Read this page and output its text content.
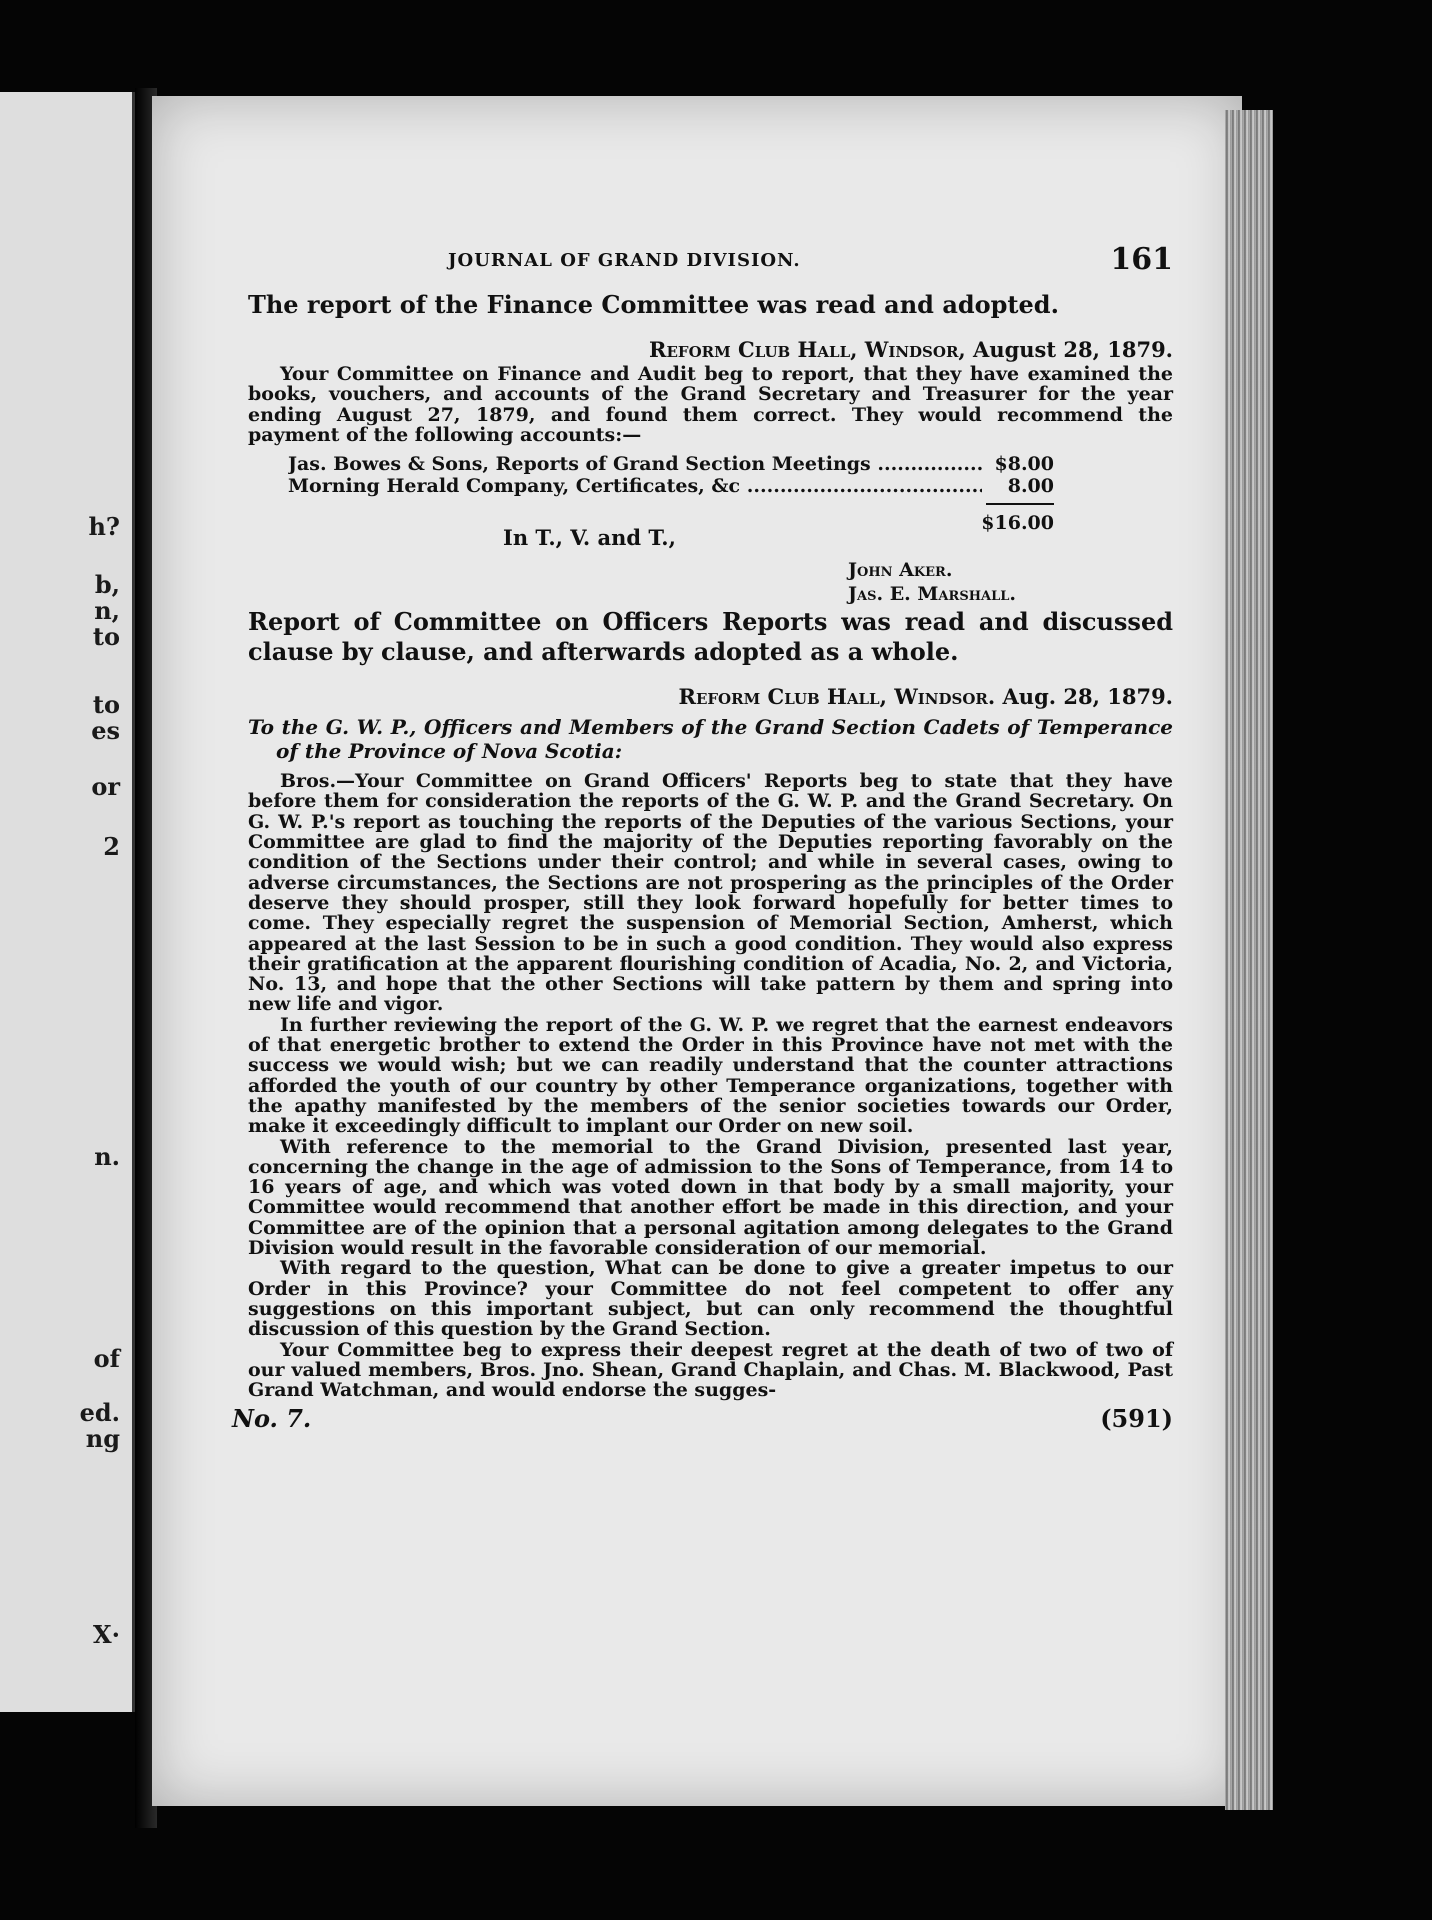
h?
b,
n,
to
to
es
or
2
n.
of
ed.
ng
X·
JOURNAL OF GRAND DIVISION.	161

The report of the Finance Committee was read and adopted.

Reform Club Hall, Windsor, August 28, 1879.

Your Committee on Finance and Audit beg to report, that they have examined the books, vouchers, and accounts of the Grand Secretary and Treasurer for the year ending August 27, 1879, and found them correct. They would recommend the payment of the following accounts:—

Jas. Bowes & Sons, Reports of Grand Section Meetings .....	$8.00
Morning Herald Company, Certificates, &c .....	8.00
$16.00
In T., V. and T.,
John Aker.
Jas. E. Marshall.

Report of Committee on Officers Reports was read and discussed clause by clause, and afterwards adopted as a whole.

Reform Club Hall, Windsor. Aug. 28, 1879.

To the G. W. P., Officers and Members of the Grand Section Cadets of Temperance of the Province of Nova Scotia:

Bros.—Your Committee on Grand Officers' Reports beg to state that they have before them for consideration the reports of the G. W. P. and the Grand Secretary. On G. W. P.'s report as touching the reports of the Deputies of the various Sections, your Committee are glad to find the majority of the Deputies reporting favorably on the condition of the Sections under their control; and while in several cases, owing to adverse circumstances, the Sections are not prospering as the principles of the Order deserve they should prosper, still they look forward hopefully for better times to come. They especially regret the suspension of Memorial Section, Amherst, which appeared at the last Session to be in such a good condition. They would also express their gratification at the apparent flourishing condition of Acadia, No. 2, and Victoria, No. 13, and hope that the other Sections will take pattern by them and spring into new life and vigor.

In further reviewing the report of the G. W. P. we regret that the earnest endeavors of that energetic brother to extend the Order in this Province have not met with the success we would wish; but we can readily understand that the counter attractions afforded the youth of our country by other Temperance organizations, together with the apathy manifested by the members of the senior societies towards our Order, make it exceedingly difficult to implant our Order on new soil.

With reference to the memorial to the Grand Division, presented last year, concerning the change in the age of admission to the Sons of Temperance, from 14 to 16 years of age, and which was voted down in that body by a small majority, your Committee would recommend that another effort be made in this direction, and your Committee are of the opinion that a personal agitation among delegates to the Grand Division would result in the favorable consideration of our memorial.

With regard to the question, What can be done to give a greater impetus to our Order in this Province? your Committee do not feel competent to offer any suggestions on this important subject, but can only recommend the thoughtful discussion of this question by the Grand Section.

Your Committee beg to express their deepest regret at the death of two of two of our valued members, Bros. Jno. Shean, Grand Chaplain, and Chas. M. Blackwood, Past Grand Watchman, and would endorse the sugges-

No. 7.	(591)
